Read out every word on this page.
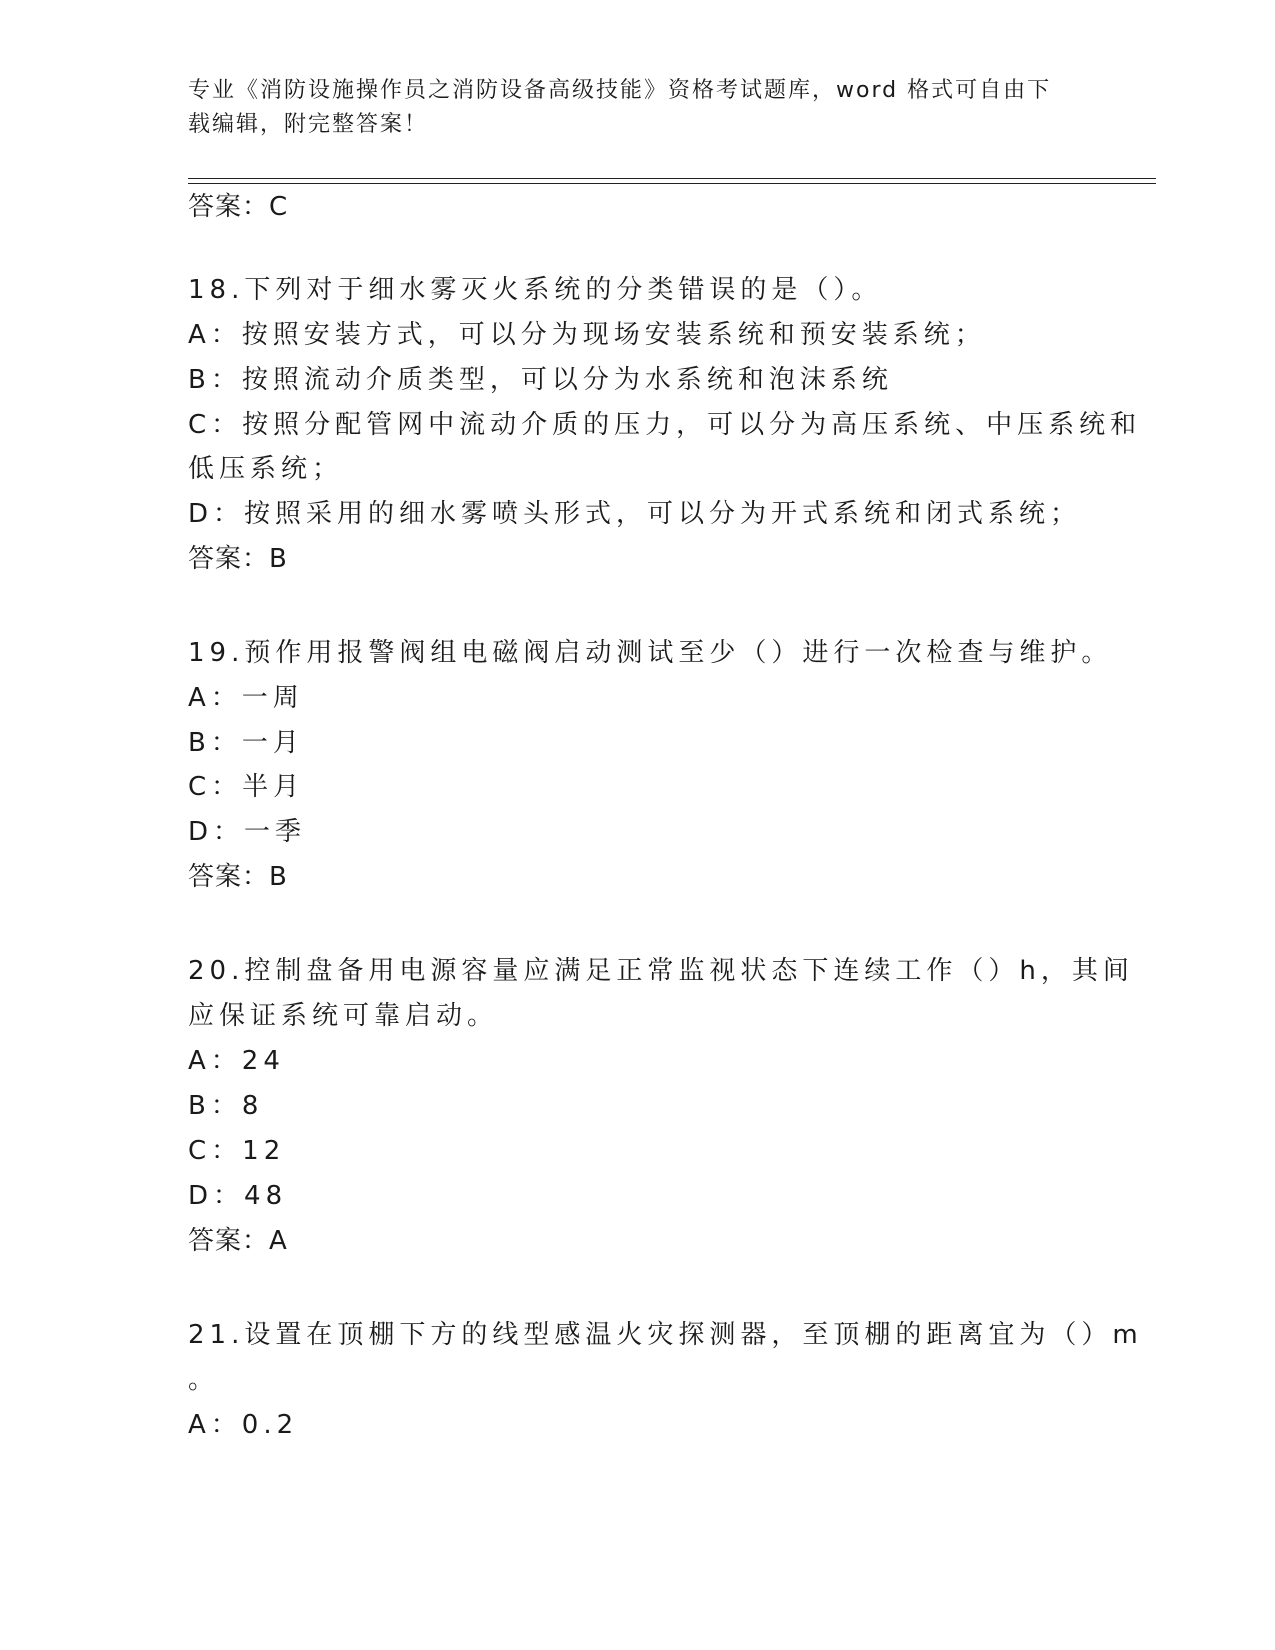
专业《消防设施操作员之消防设备高级技能》资格考试题库，word 格式可自由下载编辑，附完整答案！
答案：C
18.下列对于细水雾灭火系统的分类错误的是（）。
A：按照安装方式，可以分为现场安装系统和预安装系统；
B：按照流动介质类型，可以分为水系统和泡沫系统
C：按照分配管网中流动介质的压力，可以分为高压系统、中压系统和
低压系统；
D：按照采用的细水雾喷头形式，可以分为开式系统和闭式系统；
答案：B
19.预作用报警阀组电磁阀启动测试至少（）进行一次检查与维护。
A：一周
B：一月
C：半月
D：一季
答案：B
20.控制盘备用电源容量应满足正常监视状态下连续工作（）h，其间
应保证系统可靠启动。
A：24
B：8
C：12
D：48
答案：A
21.设置在顶棚下方的线型感温火灾探测器，至顶棚的距离宜为（）m
。
A：0.2
